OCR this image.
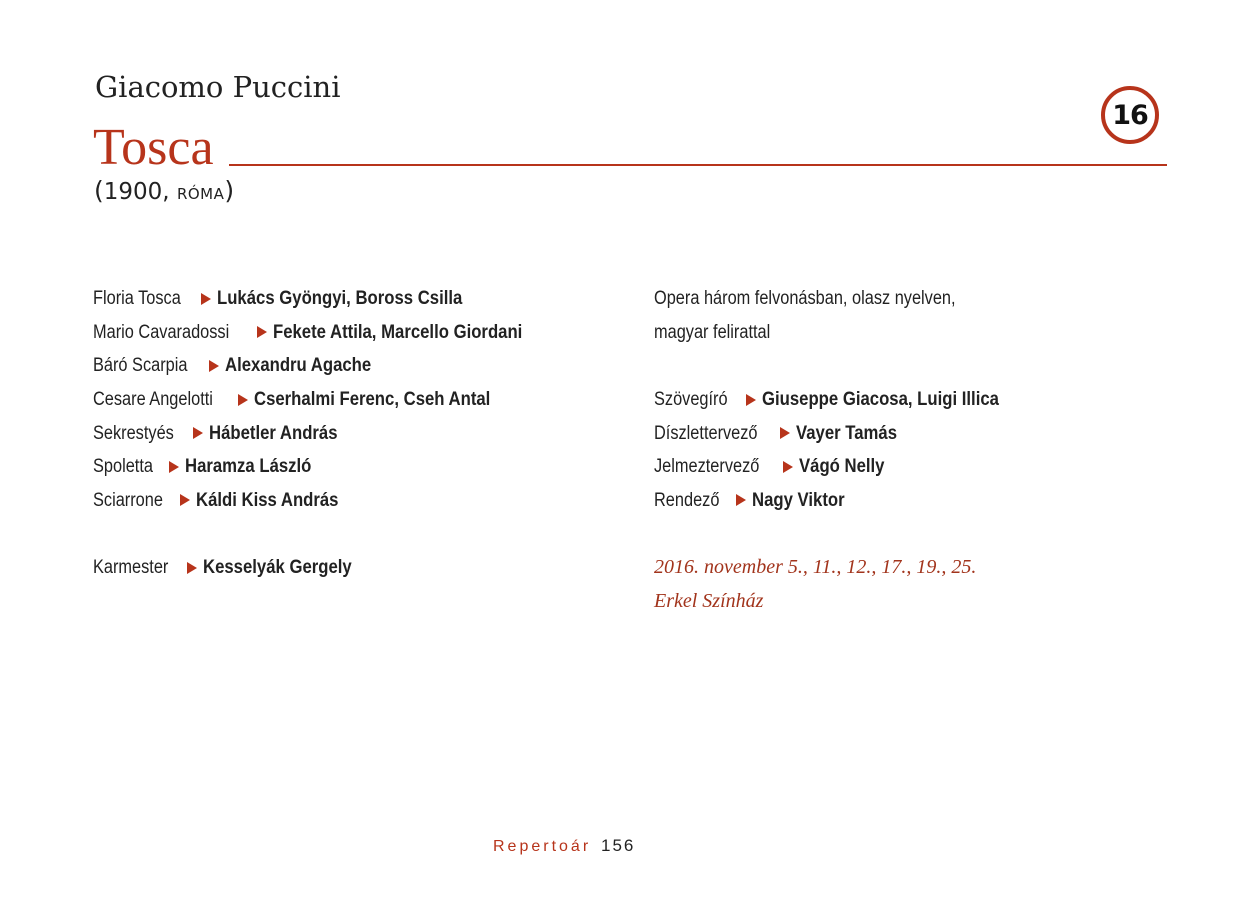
Giacomo Puccini
Tosca
16
(1900, RÓMA)
Floria Tosca Lukács Gyöngyi, Boross Csilla
Mario Cavaradossi Fekete Attila, Marcello Giordani
Báró Scarpia Alexandru Agache
Cesare Angelotti Cserhalmi Ferenc, Cseh Antal
Sekrestyés Hábetler András
Spoletta Haramza László
Sciarrone Káldi Kiss András
Karmester Kesselyák Gergely
Opera három felvonásban, olasz nyelven,
magyar felirattal
Szövegíró Giuseppe Giacosa, Luigi Illica
Díszlettervező Vayer Tamás
Jelmeztervező Vágó Nelly
Rendező Nagy Viktor
2016. november 5., 11., 12., 17., 19., 25.
Erkel Színház
Repertoár 156
